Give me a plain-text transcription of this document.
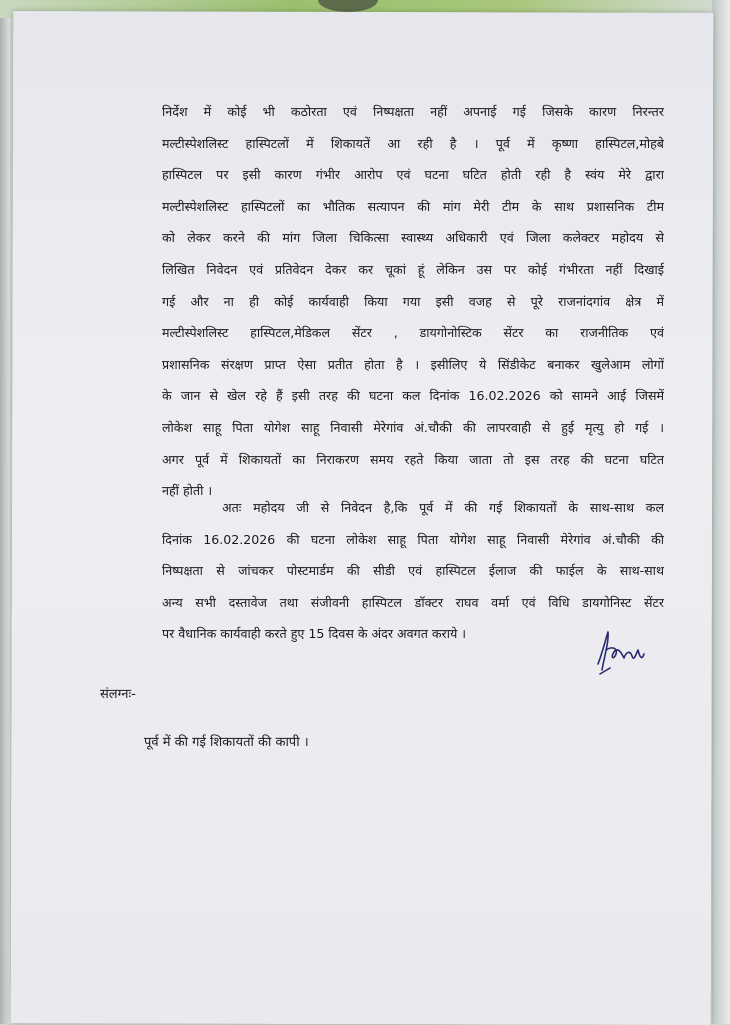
निर्देश में कोई भी कठोरता एवं निष्पक्षता नहीं अपनाई गई जिसके कारण निरन्तर
मल्टीस्पेशलिस्ट हास्पिटलों में शिकायतें आ रही है । पूर्व में कृष्णा हास्पिटल,मोहबे
हास्पिटल पर इसी कारण गंभीर आरोप एवं घटना घटित होती रही है स्वंय मेरे द्वारा
मल्टीस्पेशलिस्ट हास्पिटलों का भौतिक सत्यापन की मांग मेरी टीम के साथ प्रशासनिक टीम
को लेकर करने की मांग जिला चिकित्सा स्वास्थ्य अधिकारी एवं जिला कलेक्टर महोदय से
लिखित निवेदन एवं प्रतिवेदन देकर कर चूकां हूं लेकिन उस पर कोई गंभीरता नहीं दिखाई
गई और ना ही कोई कार्यवाही किया गया इसी वजह से पूरे राजनांदगांव क्षेत्र में
मल्टीस्पेशलिस्ट हास्पिटल,मेडिकल सेंटर , डायगोनोस्टिक सेंटर का राजनीतिक एवं
प्रशासनिक संरक्षण प्राप्त ऐसा प्रतीत होता है । इसीलिए ये सिंडीकेट बनाकर खुलेआम लोगों
के जान से खेल रहे हैं इसी तरह की घटना कल दिनांक 16.02.2026 को सामने आई जिसमें
लोकेश साहू पिता योगेश साहू निवासी मेरेगांव अं.चौकी की लापरवाही से हुई मृत्यु हो गई ।
अगर पूर्व में शिकायतों का निराकरण समय रहते किया जाता तो इस तरह की घटना घटित
नहीं होती ।
अतः महोदय जी से निवेदन है,कि पूर्व में की गई शिकायतों के साथ-साथ कल
दिनांक 16.02.2026 की घटना लोकेश साहू पिता योगेश साहू निवासी मेरेगांव अं.चौकी की
निष्पक्षता से जांचकर पोस्टमार्डम की सीडी एवं हास्पिटल ईलाज की फाईल के साथ-साथ
अन्य सभी दस्तावेज तथा संजीवनी हास्पिटल डॉक्टर राघव वर्मा एवं विधि डायगोनिस्ट सेंटर
पर वैधानिक कार्यवाही करते हुए 15 दिवस के अंदर अवगत कराये ।
संलग्नः-
पूर्व में की गई शिकायतों की कापी ।
